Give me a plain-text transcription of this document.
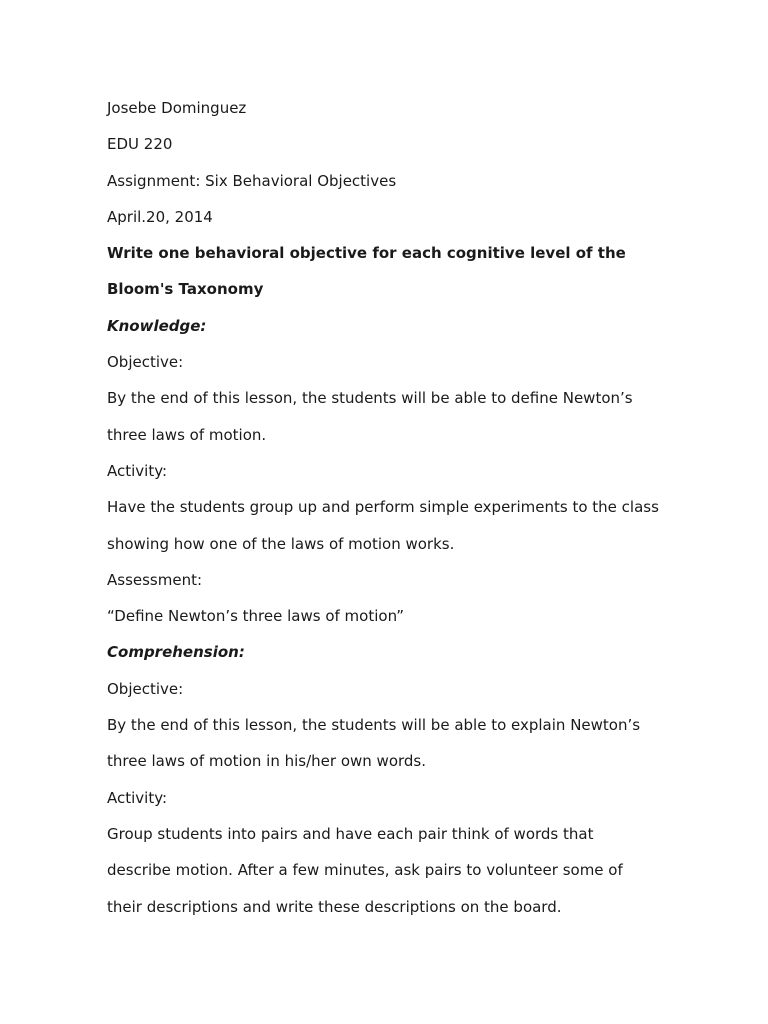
Josebe Dominguez
EDU 220
Assignment: Six Behavioral Objectives
April.20, 2014
Write one behavioral objective for each cognitive level of the
Bloom's Taxonomy
Knowledge:
Objective:
By the end of this lesson, the students will be able to define Newton’s
three laws of motion.
Activity:
Have the students group up and perform simple experiments to the class
showing how one of the laws of motion works.
Assessment:
“Define Newton’s three laws of motion”
Comprehension:
Objective:
By the end of this lesson, the students will be able to explain Newton’s
three laws of motion in his/her own words.
Activity:
Group students into pairs and have each pair think of words that
describe motion. After a few minutes, ask pairs to volunteer some of
their descriptions and write these descriptions on the board.
